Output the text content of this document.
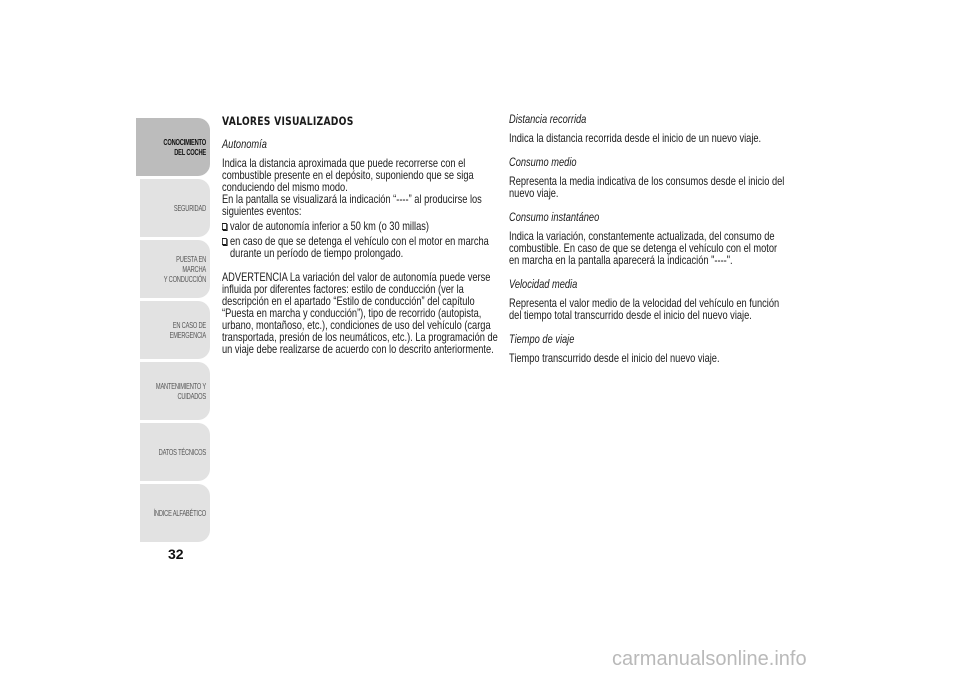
CONOCIMIENTO
DEL COCHE
SEGURIDAD
PUESTA EN MARCHA
Y CONDUCCIÓN
EN CASO DE
EMERGENCIA
MANTENIMIENTO Y
CUIDADOS
DATOS TÉCNICOS
ÍNDICE ALFABÉTICO
32
VALORES VISUALIZADOS

Autonomía

Indica la distancia aproximada que puede recorrerse con el combustible presente en el depósito, suponiendo que se siga conduciendo del mismo modo.

En la pantalla se visualizará la indicación “----” al producirse los siguientes eventos:

valor de autonomía inferior a 50 km (o 30 millas)

en caso de que se detenga el vehículo con el motor en marcha durante un período de tiempo prolongado.

ADVERTENCIA La variación del valor de autonomía puede verse influida por diferentes factores: estilo de conducción (ver la descripción en el apartado “Estilo de conducción” del capítulo “Puesta en marcha y conducción”), tipo de recorrido (autopista, urbano, montañoso, etc.), condiciones de uso del vehículo (carga transportada, presión de los neumáticos, etc.). La programación de un viaje debe realizarse de acuerdo con lo descrito anteriormente.

Distancia recorrida

Indica la distancia recorrida desde el inicio de un nuevo viaje.

Consumo medio

Representa la media indicativa de los consumos desde el inicio del nuevo viaje.

Consumo instantáneo

Indica la variación, constantemente actualizada, del consumo de combustible. En caso de que se detenga el vehículo con el motor en marcha en la pantalla aparecerá la indicación "----".

Velocidad media

Representa el valor medio de la velocidad del vehículo en función del tiempo total transcurrido desde el inicio del nuevo viaje.

Tiempo de viaje

Tiempo transcurrido desde el inicio del nuevo viaje.

carmanualsonline.info
